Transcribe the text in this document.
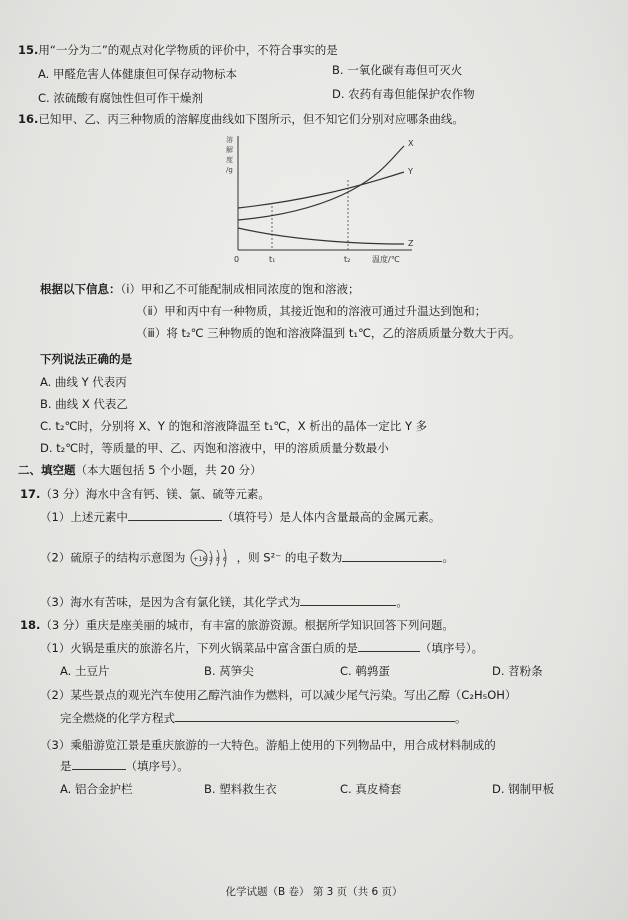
15.用“一分为二”的观点对化学物质的评价中，不符合事实的是
A. 甲醛危害人体健康但可保存动物标本	B. 一氧化碳有毒但可灭火
C. 浓硫酸有腐蚀性但可作干燥剂	D. 农药有毒但能保护农作物
16.已知甲、乙、丙三种物质的溶解度曲线如下图所示，但不知它们分别对应哪条曲线。
溶
解
度
/g
X
Y
Z
0	t₁	t₂	温度/℃
根据以下信息：（ⅰ）甲和乙不可能配制成相同浓度的饱和溶液；
（ⅱ）甲和丙中有一种物质，其接近饱和的溶液可通过升温达到饱和；
（ⅲ）将 t₂℃ 三种物质的饱和溶液降温到 t₁℃，乙的溶质质量分数大于丙。
下列说法正确的是
A. 曲线 Y 代表丙
B. 曲线 X 代表乙
C. t₂℃时，分别将 X、Y 的饱和溶液降温至 t₁℃，X 析出的晶体一定比 Y 多
D. t₂℃时，等质量的甲、乙、丙饱和溶液中，甲的溶质质量分数最小
二、填空题（本大题包括 5 个小题，共 20 分）
17.（3 分）海水中含有钙、镁、氯、硫等元素。
（1）上述元素中	（填符号）是人体内含量最高的金属元素。
（2）硫原子的结构示意图为 +16 2 8 6 ，则 S²⁻ 的电子数为	。
（3）海水有苦味，是因为含有氯化镁，其化学式为	。
18.（3 分）重庆是座美丽的城市，有丰富的旅游资源。根据所学知识回答下列问题。
（1）火锅是重庆的旅游名片，下列火锅菜品中富含蛋白质的是	（填序号）。
A. 土豆片	B. 莴笋尖	C. 鹌鹑蛋	D. 苕粉条
（2）某些景点的观光汽车使用乙醇汽油作为燃料，可以减少尾气污染。写出乙醇（C₂H₅OH）
完全燃烧的化学方程式	。
（3）乘船游览江景是重庆旅游的一大特色。游船上使用的下列物品中，用合成材料制成的
是	（填序号）。
A. 铝合金护栏	B. 塑料救生衣	C. 真皮椅套	D. 钢制甲板
化学试题（B 卷） 第 3 页（共 6 页）
